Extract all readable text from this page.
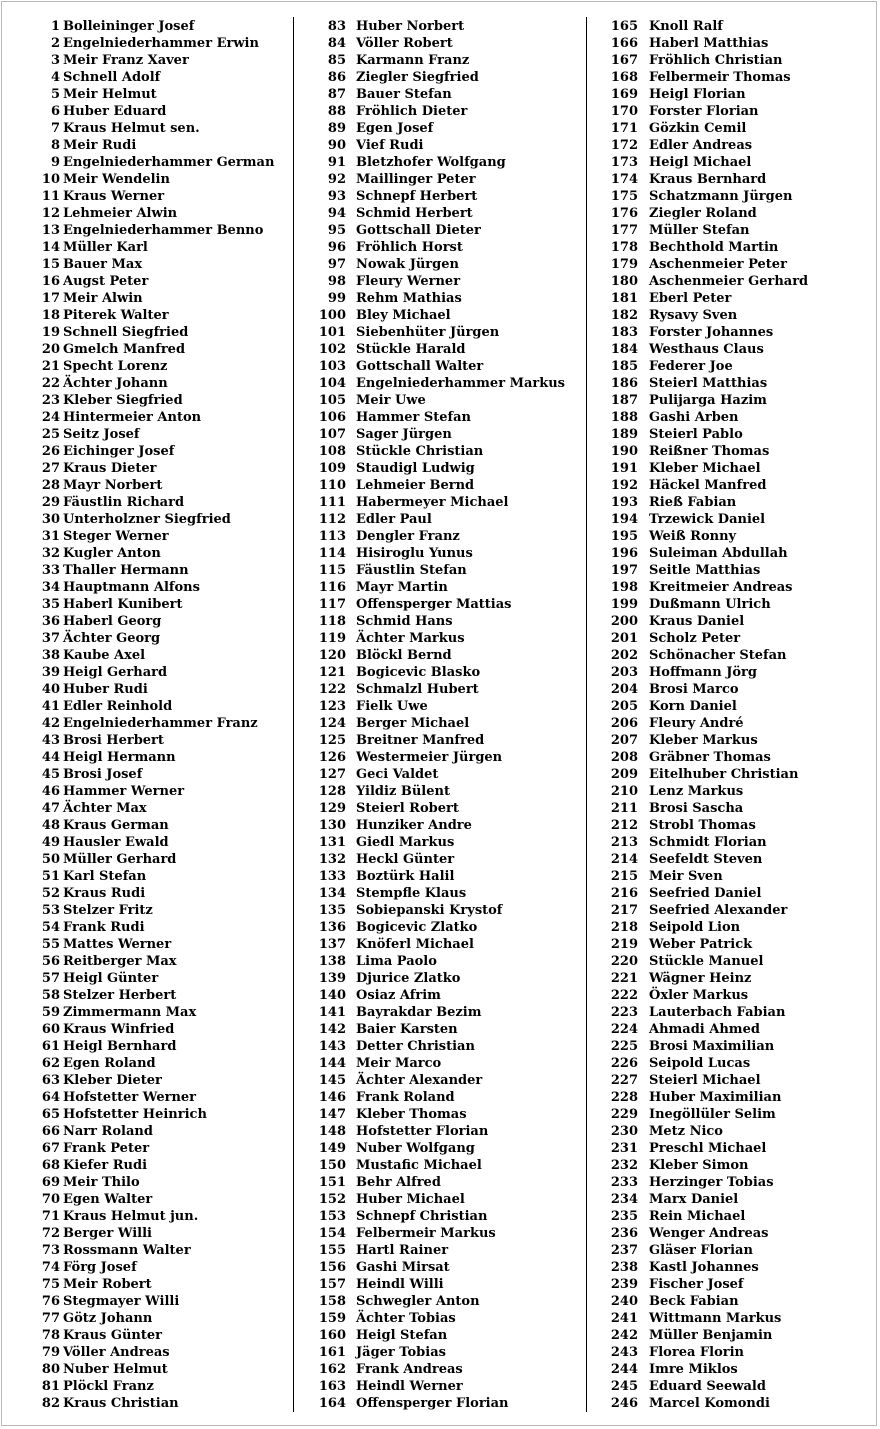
1 Bolleininger Josef
2 Engelniederhammer Erwin
3 Meir Franz Xaver
4 Schnell Adolf
5 Meir Helmut
6 Huber Eduard
7 Kraus Helmut sen.
8 Meir Rudi
9 Engelniederhammer German
10 Meir Wendelin
11 Kraus Werner
12 Lehmeier Alwin
13 Engelniederhammer Benno
14 Müller Karl
15 Bauer Max
16 Augst Peter
17 Meir Alwin
18 Piterek Walter
19 Schnell Siegfried
20 Gmelch Manfred
21 Specht Lorenz
22 Ächter Johann
23 Kleber Siegfried
24 Hintermeier Anton
25 Seitz Josef
26 Eichinger Josef
27 Kraus Dieter
28 Mayr Norbert
29 Fäustlin Richard
30 Unterholzner Siegfried
31 Steger Werner
32 Kugler Anton
33 Thaller Hermann
34 Hauptmann Alfons
35 Haberl Kunibert
36 Haberl Georg
37 Ächter Georg
38 Kaube Axel
39 Heigl Gerhard
40 Huber Rudi
41 Edler Reinhold
42 Engelniederhammer Franz
43 Brosi Herbert
44 Heigl Hermann
45 Brosi Josef
46 Hammer Werner
47 Ächter Max
48 Kraus German
49 Hausler Ewald
50 Müller Gerhard
51 Karl Stefan
52 Kraus Rudi
53 Stelzer Fritz
54 Frank Rudi
55 Mattes Werner
56 Reitberger Max
57 Heigl Günter
58 Stelzer Herbert
59 Zimmermann Max
60 Kraus Winfried
61 Heigl Bernhard
62 Egen Roland
63 Kleber Dieter
64 Hofstetter Werner
65 Hofstetter Heinrich
66 Narr Roland
67 Frank Peter
68 Kiefer Rudi
69 Meir Thilo
70 Egen Walter
71 Kraus Helmut jun.
72 Berger Willi
73 Rossmann Walter
74 Förg Josef
75 Meir Robert
76 Stegmayer Willi
77 Götz Johann
78 Kraus Günter
79 Völler Andreas
80 Nuber Helmut
81 Plöckl Franz
82 Kraus Christian
83 Huber Norbert
84 Völler Robert
85 Karmann Franz
86 Ziegler Siegfried
87 Bauer Stefan
88 Fröhlich Dieter
89 Egen Josef
90 Vief Rudi
91 Bletzhofer Wolfgang
92 Maillinger Peter
93 Schnepf Herbert
94 Schmid Herbert
95 Gottschall Dieter
96 Fröhlich Horst
97 Nowak Jürgen
98 Fleury Werner
99 Rehm Mathias
100 Bley Michael
101 Siebenhüter Jürgen
102 Stückle Harald
103 Gottschall Walter
104 Engelniederhammer Markus
105 Meir Uwe
106 Hammer Stefan
107 Sager Jürgen
108 Stückle Christian
109 Staudigl Ludwig
110 Lehmeier Bernd
111 Habermeyer Michael
112 Edler Paul
113 Dengler Franz
114 Hisiroglu Yunus
115 Fäustlin Stefan
116 Mayr Martin
117 Offensperger Mattias
118 Schmid Hans
119 Ächter Markus
120 Blöckl Bernd
121 Bogicevic Blasko
122 Schmalzl Hubert
123 Fielk Uwe
124 Berger Michael
125 Breitner Manfred
126 Westermeier Jürgen
127 Geci Valdet
128 Yildiz Bülent
129 Steierl Robert
130 Hunziker Andre
131 Giedl Markus
132 Heckl Günter
133 Boztürk Halil
134 Stempfle Klaus
135 Sobiepanski Krystof
136 Bogicevic Zlatko
137 Knöferl Michael
138 Lima Paolo
139 Djurice Zlatko
140 Osiaz Afrim
141 Bayrakdar Bezim
142 Baier Karsten
143 Detter Christian
144 Meir Marco
145 Ächter Alexander
146 Frank Roland
147 Kleber Thomas
148 Hofstetter Florian
149 Nuber Wolfgang
150 Mustafic Michael
151 Behr Alfred
152 Huber Michael
153 Schnepf Christian
154 Felbermeir Markus
155 Hartl Rainer
156 Gashi Mirsat
157 Heindl Willi
158 Schwegler Anton
159 Ächter Tobias
160 Heigl Stefan
161 Jäger Tobias
162 Frank Andreas
163 Heindl Werner
164 Offensperger Florian
165 Knoll Ralf
166 Haberl Matthias
167 Fröhlich Christian
168 Felbermeir Thomas
169 Heigl Florian
170 Forster Florian
171 Gözkin Cemil
172 Edler Andreas
173 Heigl Michael
174 Kraus Bernhard
175 Schatzmann Jürgen
176 Ziegler Roland
177 Müller Stefan
178 Bechthold Martin
179 Aschenmeier Peter
180 Aschenmeier Gerhard
181 Eberl Peter
182 Rysavy Sven
183 Forster Johannes
184 Westhaus Claus
185 Federer Joe
186 Steierl Matthias
187 Pulijarga Hazim
188 Gashi Arben
189 Steierl Pablo
190 Reißner Thomas
191 Kleber Michael
192 Häckel Manfred
193 Rieß Fabian
194 Trzewick Daniel
195 Weiß Ronny
196 Suleiman Abdullah
197 Seitle Matthias
198 Kreitmeier Andreas
199 Dußmann Ulrich
200 Kraus Daniel
201 Scholz Peter
202 Schönacher Stefan
203 Hoffmann Jörg
204 Brosi Marco
205 Korn Daniel
206 Fleury André
207 Kleber Markus
208 Gräbner Thomas
209 Eitelhuber Christian
210 Lenz Markus
211 Brosi Sascha
212 Strobl Thomas
213 Schmidt Florian
214 Seefeldt Steven
215 Meir Sven
216 Seefried Daniel
217 Seefried Alexander
218 Seipold Lion
219 Weber Patrick
220 Stückle Manuel
221 Wägner Heinz
222 Öxler Markus
223 Lauterbach Fabian
224 Ahmadi Ahmed
225 Brosi Maximilian
226 Seipold Lucas
227 Steierl Michael
228 Huber Maximilian
229 Inegöllüler Selim
230 Metz Nico
231 Preschl Michael
232 Kleber Simon
233 Herzinger Tobias
234 Marx Daniel
235 Rein Michael
236 Wenger Andreas
237 Gläser Florian
238 Kastl Johannes
239 Fischer Josef
240 Beck Fabian
241 Wittmann Markus
242 Müller Benjamin
243 Florea Florin
244 Imre Miklos
245 Eduard Seewald
246 Marcel Komondi
